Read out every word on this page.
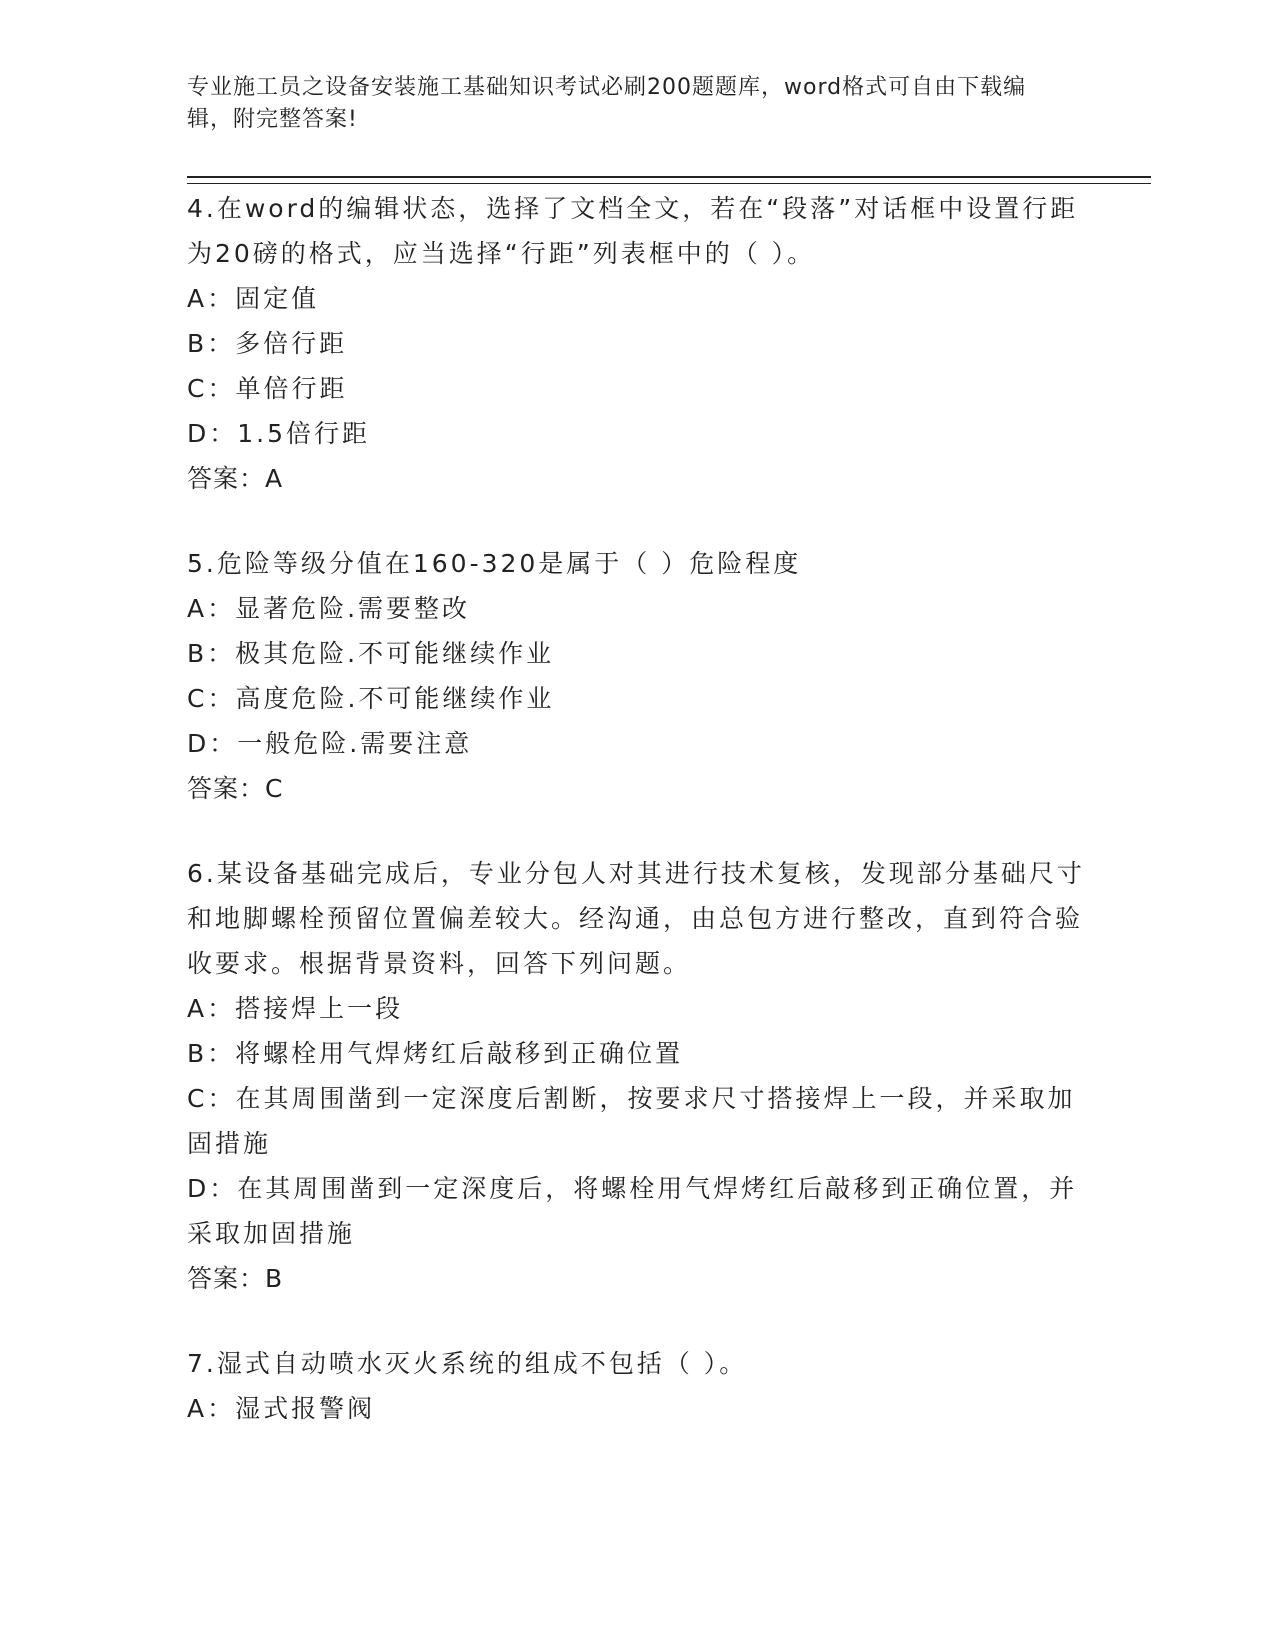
专业施工员之设备安装施工基础知识考试必刷200题题库，word格式可自由下载编辑，附完整答案!

4.在word的编辑状态，选择了文档全文，若在“段落”对话框中设置行距为20磅的格式，应当选择“行距”列表框中的（ ）。

A：固定值

B：多倍行距

C：单倍行距

D：1.5倍行距

答案：A

5.危险等级分值在160-320是属于（ ）危险程度

A：显著危险.需要整改

B：极其危险.不可能继续作业

C：高度危险.不可能继续作业

D：一般危险.需要注意

答案：C

6.某设备基础完成后，专业分包人对其进行技术复核，发现部分基础尺寸和地脚螺栓预留位置偏差较大。经沟通，由总包方进行整改，直到符合验收要求。根据背景资料，回答下列问题。

A：搭接焊上一段

B：将螺栓用气焊烤红后敲移到正确位置

C：在其周围凿到一定深度后割断，按要求尺寸搭接焊上一段，并采取加固措施

D：在其周围凿到一定深度后，将螺栓用气焊烤红后敲移到正确位置，并采取加固措施

答案：B

7.湿式自动喷水灭火系统的组成不包括（ ）。

A：湿式报警阀
